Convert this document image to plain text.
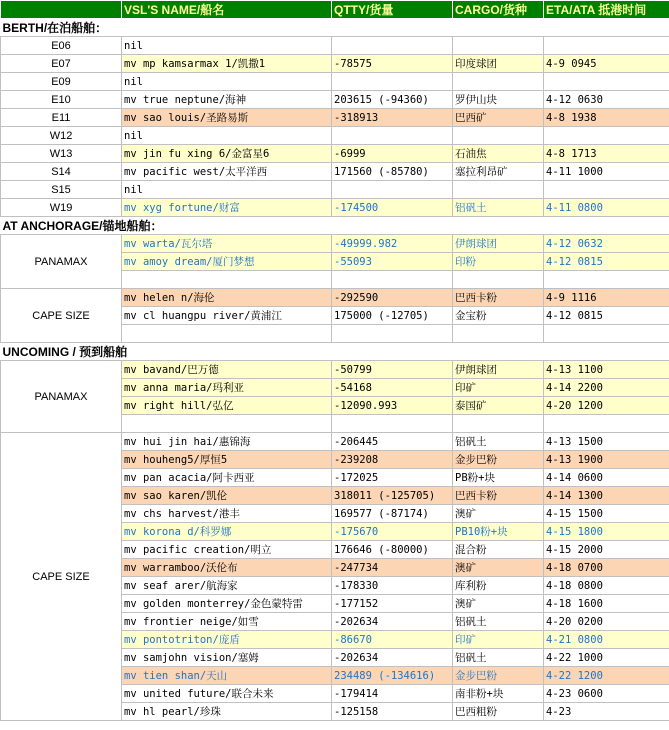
	VSL'S NAME/船名	QTTY/货量	CARGO/货种	ETA/ATA 抵港时间
BERTH/在泊船舶：				
E06	nil			
E07	mv mp kamsarmax 1/凯撒1	-78575	印度球团	4-9 0945
E09	nil			
E10	mv true neptune/海神	203615 (-94360)	罗伊山块	4-12 0630
E11	mv sao louis/圣路易斯	-318913	巴西矿	4-8 1938
W12	nil			
W13	mv jin fu xing 6/金富星6	-6999	石油焦	4-8 1713
S14	mv pacific west/太平洋西	171560 (-85780)	塞拉利昂矿	4-11 1000
S15	nil			
W19	mv xyg fortune/财富	-174500	铝矾土	4-11 0800
AT ANCHORAGE/锚地船舶：				
PANAMAX	mv warta/瓦尔塔	-49999.982	伊朗球团	4-12 0632
	mv amoy dream/厦门梦想	-55093	印粉	4-12 0815

CAPE SIZE	mv helen n/海伦	-292590	巴西卡粉	4-9 1116
	mv cl huangpu river/黄浦江	175000 (-12705)	金宝粉	4-12 0815

UNCOMING / 预到船舶				
PANAMAX	mv bavand/巴万德	-50799	伊朗球团	4-13 1100
	mv anna maria/玛利亚	-54168	印矿	4-14 2200
	mv right hill/弘亿	-12090.993	泰国矿	4-20 1200

CAPE SIZE	mv hui jin hai/惠锦海	-206445	铝矾土	4-13 1500
	mv houheng5/厚恒5	-239208	金步巴粉	4-13 1900
	mv pan acacia/阿卡西亚	-172025	PB粉+块	4-14 0600
	mv sao karen/凯伦	318011 (-125705)	巴西卡粉	4-14 1300
	mv chs harvest/港丰	169577 (-87174)	澳矿	4-15 1500
	mv korona d/科罗娜	-175670	PB10粉+块	4-15 1800
	mv pacific creation/明立	176646 (-80000)	混合粉	4-15 2000
	mv warramboo/沃伦布	-247734	澳矿	4-18 0700
	mv seaf arer/航海家	-178330	库利粉	4-18 0800
	mv golden monterrey/金色蒙特雷	-177152	澳矿	4-18 1600
	mv frontier neige/如雪	-202634	铝矾土	4-20 0200
	mv pontotriton/庞盾	-86670	印矿	4-21 0800
	mv samjohn vision/塞姆	-202634	铝矾土	4-22 1000
	mv tien shan/天山	234489 (-134616)	金步巴粉	4-22 1200
	mv united future/联合未来	-179414	南非粉+块	4-23 0600
	mv hl pearl/珍珠	-125158	巴西粗粉	4-23
